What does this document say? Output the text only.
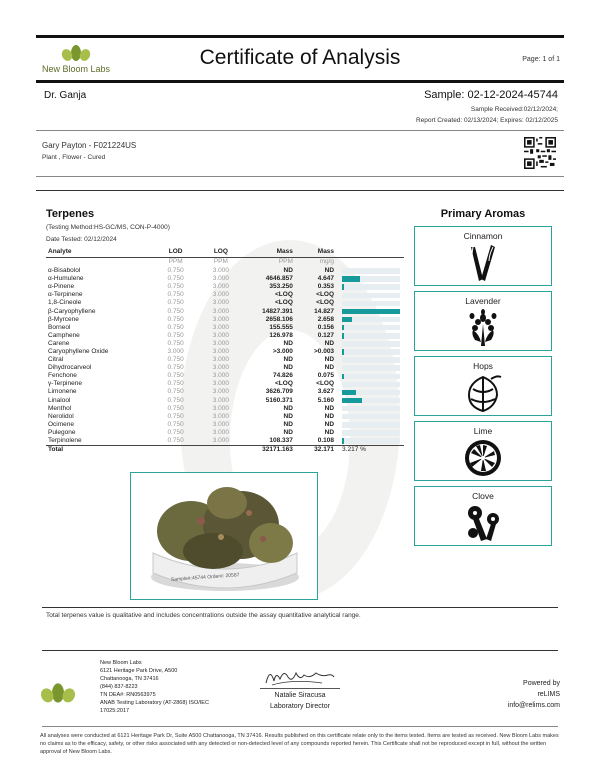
New Bloom Labs	Certificate of Analysis	Page: 1 of 1
Dr. Ganja	Sample: 02-12-2024-45744
Sample Received:02/12/2024;
Report Created: 02/13/2024; Expires: 02/12/2025
Gary Payton - F021224US
Plant , Flower - Cured
Terpenes
(Testing Method:HS-GC/MS, CON-P-4000)
Date Tested: 02/12/2024
Analyte	LOD	LOQ	Mass	Mass	
	PPM	PPM	PPM	mg/g	
α-Bisabolol	0.750	3.000	ND	ND	

α-Humulene	0.750	3.000	4646.857	4.647	

α-Pinene	0.750	3.000	353.250	0.353	

α-Terpinene	0.750	3.000	<LOQ	<LOQ	

1,8-Cineole	0.750	3.000	<LOQ	<LOQ	

β-Caryophyllene	0.750	3.000	14827.391	14.827	

β-Myrcene	0.750	3.000	2658.106	2.658	

Borneol	0.750	3.000	155.555	0.156	

Camphene	0.750	3.000	126.978	0.127	

Carene	0.750	3.000	ND	ND	

Caryophyllene Oxide	3.000	3.000	>3.000	>0.003	

Citral	0.750	3.000	ND	ND	

Dihydrocarveol	0.750	3.000	ND	ND	

Fenchone	0.750	3.000	74.826	0.075	

γ-Terpinene	0.750	3.000	<LOQ	<LOQ	

Limonene	0.750	3.000	3626.709	3.627	

Linalool	0.750	3.000	5160.371	5.160	

Menthol	0.750	3.000	ND	ND	

Nerolidol	0.750	3.000	ND	ND	

Ocimene	0.750	3.000	ND	ND	

Pulegone	0.750	3.000	ND	ND	

Terpinolene	0.750	3.000	108.337	0.108	

Total			32171.163	32.171	3.217 %
Sample#:45744 Order#: 20587
Primary Aromas
Cinnamon
Lavender
Hops
Lime
Clove
Total terpenes value is qualitative and includes concentrations outside the assay quantitative analytical range.
New Bloom Labs
6121 Heritage Park Drive, A500
Chattanooga, TN 37416
(844) 837-8223
TN DEA#: RN0563975
ANAB Testing Laboratory (AT-2868) ISO/IEC
17025:2017
Natalie Siracusa
Laboratory Director
Powered by
reLIMS
info@relims.com
All analyses were conducted at 6121 Heritage Park Dr, Suite A500 Chattanooga, TN 37416. Results published on this certificate relate only to the items tested. Items are tested as received. New Bloom Labs makes no claims as to the efficacy, safety, or other risks associated with any detected or non-detected level of any compounds reported herein. This Certificate shall not be reproduced except in full, without the written approval of New Bloom Labs.
